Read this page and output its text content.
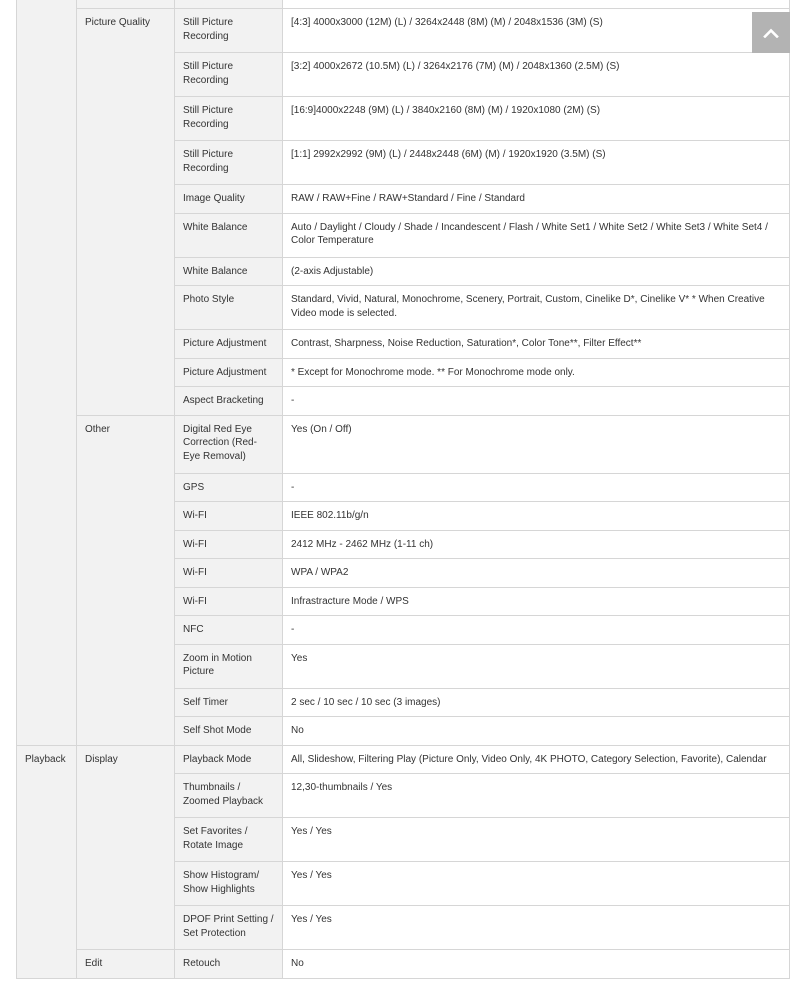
	Picture Quality	Still Picture Recording	[4:3] 4000x3000 (12M) (L) / 3264x2448 (8M) (M) / 2048x1536 (3M) (S)
		Still Picture Recording	[3:2] 4000x2672 (10.5M) (L) / 3264x2176 (7M) (M) / 2048x1360 (2.5M) (S)
		Still Picture Recording	[16:9]4000x2248 (9M) (L) / 3840x2160 (8M) (M) / 1920x1080 (2M) (S)
		Still Picture Recording	[1:1] 2992x2992 (9M) (L) / 2448x2448 (6M) (M) / 1920x1920 (3.5M) (S)
		Image Quality	RAW / RAW+Fine / RAW+Standard / Fine / Standard
		White Balance	Auto / Daylight / Cloudy / Shade / Incandescent / Flash / White Set1 / White Set2 / White Set3 / White Set4 / Color Temperature
		White Balance	(2-axis Adjustable)
		Photo Style	Standard, Vivid, Natural, Monochrome, Scenery, Portrait, Custom, Cinelike D*, Cinelike V* * When Creative Video mode is selected.
		Picture Adjustment	Contrast, Sharpness, Noise Reduction, Saturation*, Color Tone**, Filter Effect**
		Picture Adjustment	* Except for Monochrome mode. ** For Monochrome mode only.
		Aspect Bracketing	-
	Other	Digital Red Eye Correction (Red-Eye Removal)	Yes (On / Off)
		GPS	-
		Wi-FI	IEEE 802.11b/g/n
		Wi-FI	2412 MHz - 2462 MHz (1-11 ch)
		Wi-FI	WPA / WPA2
		Wi-FI	Infrastracture Mode / WPS
		NFC	-
		Zoom in Motion Picture	Yes
		Self Timer	2 sec / 10 sec / 10 sec (3 images)
		Self Shot Mode	No
Playback	Display	Playback Mode	All, Slideshow, Filtering Play (Picture Only, Video Only, 4K PHOTO, Category Selection, Favorite), Calendar
		Thumbnails / Zoomed Playback	12,30-thumbnails / Yes
		Set Favorites / Rotate Image	Yes / Yes
		Show Histogram/ Show Highlights	Yes / Yes
		DPOF Print Setting / Set Protection	Yes / Yes
	Edit	Retouch	No
